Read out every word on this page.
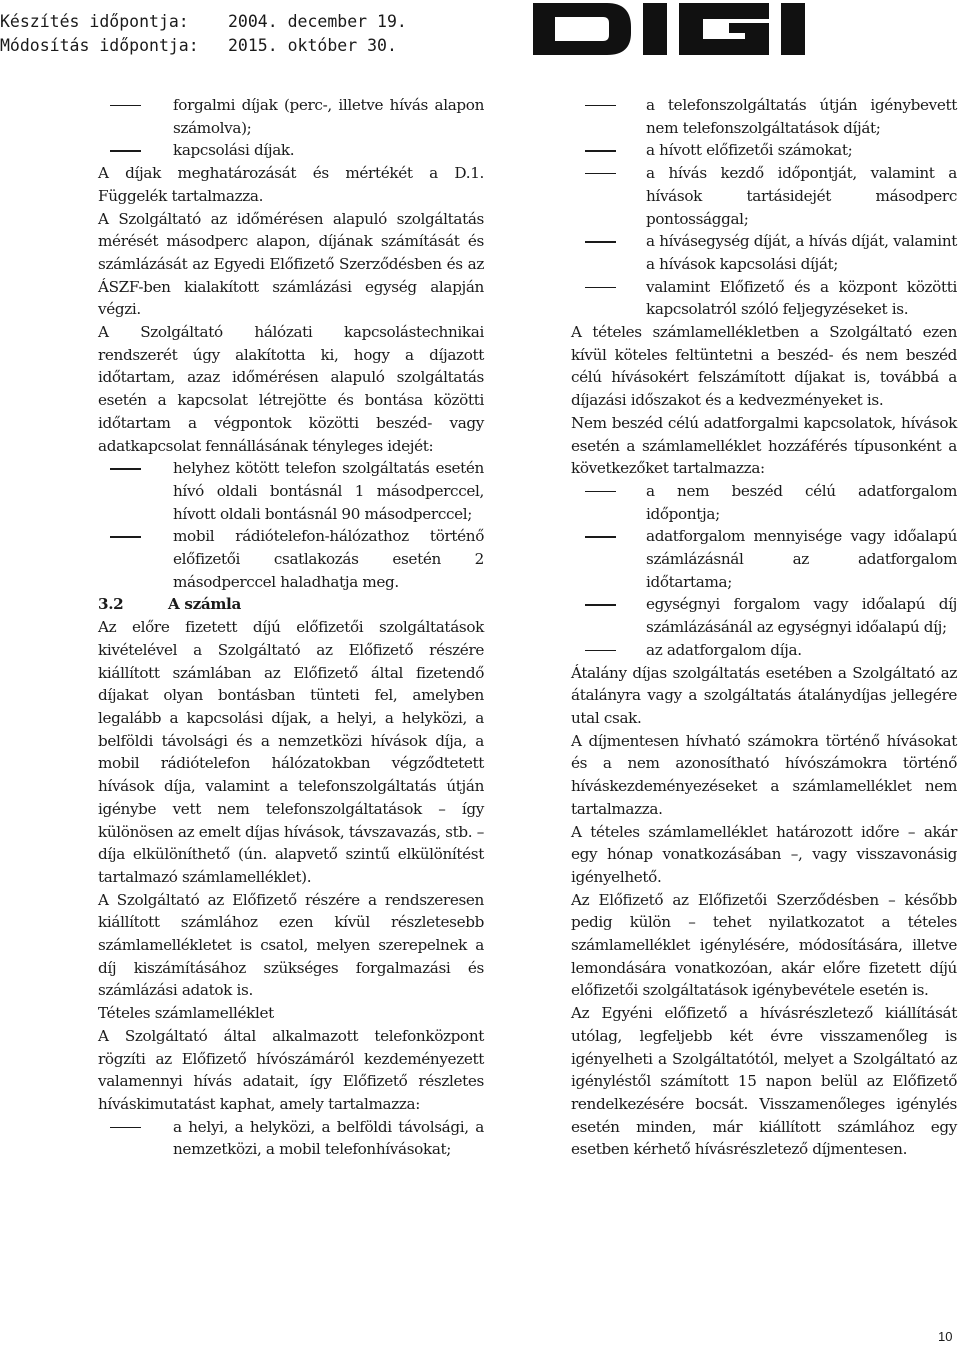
Készítés időpontja: 2004. december 19.
Módosítás időpontja: 2015. október 30.
forgalmi díjak (perc-, illetve hívás alapon számolva);
kapcsolási díjak.

A díjak meghatározását és mértékét a D.1. Függelék tartalmazza.

A Szolgáltató az időmérésen alapuló szolgáltatás mérését másodperc alapon, díjának számítását és számlázását az Egyedi Előfizető Szerződésben és az ÁSZF-ben kialakított számlázási egység alapján végzi.

A Szolgáltató hálózati kapcsolástechnikai rendszerét úgy alakította ki, hogy a díjazott időtartam, azaz időmérésen alapuló szolgáltatás esetén a kapcsolat létrejötte és bontása közötti időtartam a végpontok közötti beszéd- vagy adatkapcsolat fennállásának tényleges idejét:

helyhez kötött telefon szolgáltatás esetén hívó oldali bontásnál 1 másodperccel, hívott oldali bontásnál 90 másodperccel;
mobil rádiótelefon-hálózathoz történő előfizetői csatlakozás esetén 2 másodperccel haladhatja meg.
3.2	A számla

Az előre fizetett díjú előfizetői szolgáltatások kivételével a Szolgáltató az Előfizető részére kiállított számlában az Előfizető által fizetendő díjakat olyan bontásban tünteti fel, amelyben legalább a kapcsolási díjak, a helyi, a helyközi, a belföldi távolsági és a nemzetközi hívások díja, a mobil rádiótelefon hálózatokban végződtetett hívások díja, valamint a telefonszolgáltatás útján igénybe vett nem telefonszolgáltatások – így különösen az emelt díjas hívások, távszavazás, stb. – díja elkülöníthető (ún. alapvető szintű elkülönítést tartalmazó számlamelléklet).

A Szolgáltató az Előfizető részére a rendszeresen kiállított számlához ezen kívül részletesebb számlamellékletet is csatol, melyen szerepelnek a díj kiszámításához szükséges forgalmazási és számlázási adatok is.

Tételes számlamelléklet

A Szolgáltató által alkalmazott telefonközpont rögzíti az Előfizető hívószámáról kezdeményezett valamennyi hívás adatait, így Előfizető részletes híváskimutatást kaphat, amely tartalmazza:

a helyi, a helyközi, a belföldi távolsági, a nemzetközi, a mobil telefonhívásokat;
a telefonszolgáltatás útján igénybevett nem telefonszolgáltatások díját;
a hívott előfizetői számokat;
a hívás kezdő időpontját, valamint a hívások tartásidejét másodperc pontossággal;
a hívásegység díját, a hívás díját, valamint a hívások kapcsolási díját;
valamint Előfizető és a központ közötti kapcsolatról szóló feljegyzéseket is.

A tételes számlamellékletben a Szolgáltató ezen kívül köteles feltüntetni a beszéd- és nem beszéd célú hívásokért felszámított díjakat is, továbbá a díjazási időszakot és a kedvezményeket is.

Nem beszéd célú adatforgalmi kapcsolatok, hívások esetén a számlamelléklet hozzáférés típusonként a következőket tartalmazza:

a nem beszéd célú adatforgalom időpontja;
adatforgalom mennyisége vagy időalapú számlázásnál az adatforgalom időtartama;
egységnyi forgalom vagy időalapú díj számlázásánál az egységnyi időalapú díj;
az adatforgalom díja.

Átalány díjas szolgáltatás esetében a Szolgáltató az átalányra vagy a szolgáltatás átalánydíjas jellegére utal csak.

A díjmentesen hívható számokra történő hívásokat és a nem azonosítható hívószámokra történő híváskezdeményezéseket a számlamelléklet nem tartalmazza.

A tételes számlamelléklet határozott időre – akár egy hónap vonatkozásában –, vagy visszavonásig igényelhető.

Az Előfizető az Előfizetői Szerződésben – később pedig külön – tehet nyilatkozatot a tételes számlamelléklet igénylésére, módosítására, illetve lemondására vonatkozóan, akár előre fizetett díjú előfizetői szolgáltatások igénybevétele esetén is.

Az Egyéni előfizető a hívásrészletező kiállítását utólag, legfeljebb két évre visszamenőleg is igényelheti a Szolgáltatótól, melyet a Szolgáltató az igényléstől számított 15 napon belül az Előfizető rendelkezésére bocsát. Visszamenőleges igénylés esetén minden, már kiállított számlához egy esetben kérhető hívásrészletező díjmentesen.

10
